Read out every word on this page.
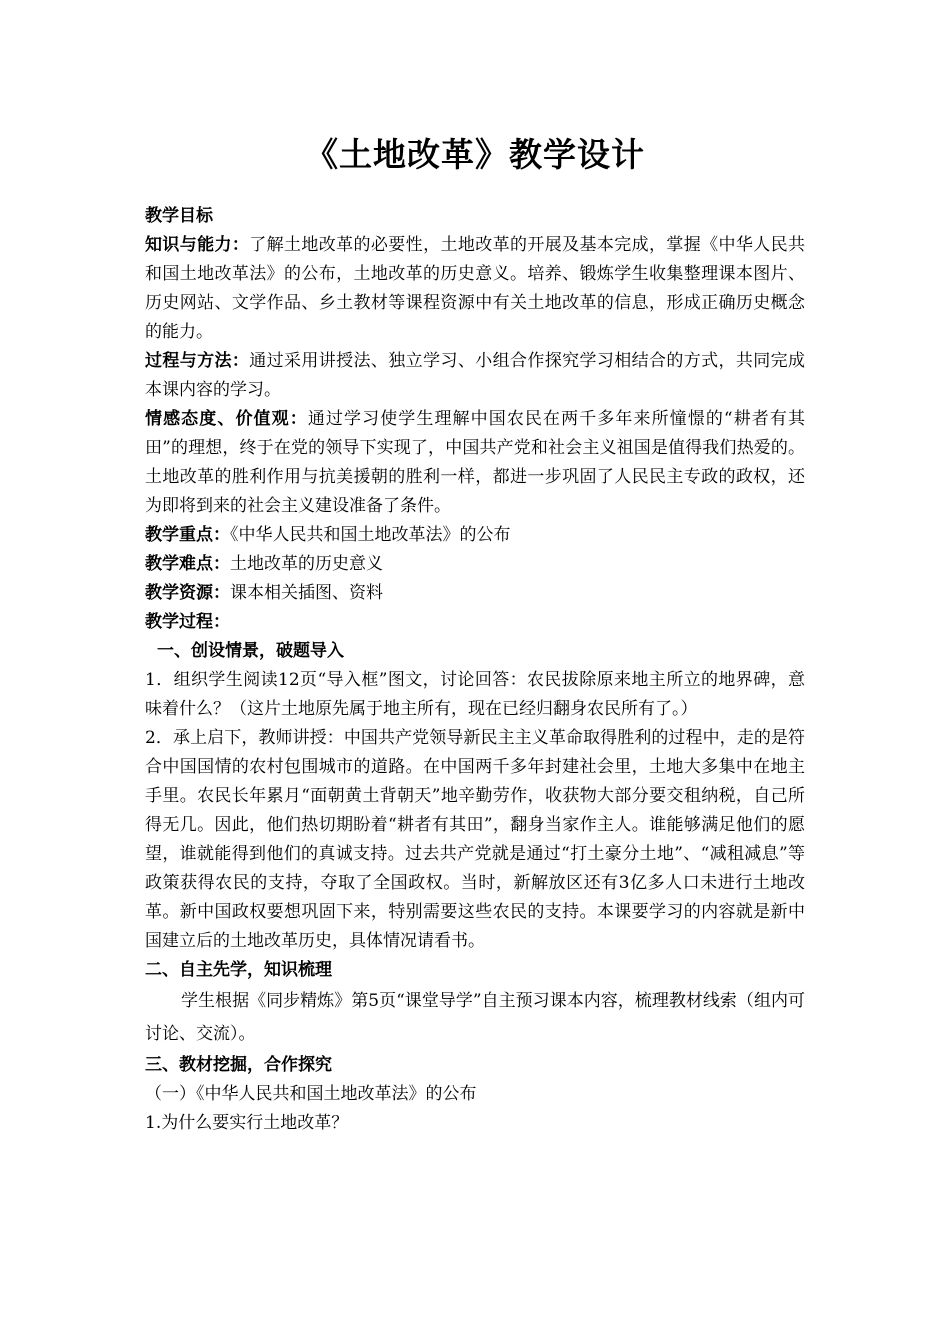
《土地改革》教学设计

教学目标

知识与能力：了解土地改革的必要性，土地改革的开展及基本完成，掌握《中华人民共和国土地改革法》的公布，土地改革的历史意义。培养、锻炼学生收集整理课本图片、历史网站、文学作品、乡土教材等课程资源中有关土地改革的信息，形成正确历史概念的能力。

过程与方法：通过采用讲授法、独立学习、小组合作探究学习相结合的方式，共同完成本课内容的学习。

情感态度、价值观：通过学习使学生理解中国农民在两千多年来所憧憬的“耕者有其田”的理想，终于在党的领导下实现了，中国共产党和社会主义祖国是值得我们热爱的。土地改革的胜利作用与抗美援朝的胜利一样，都进一步巩固了人民民主专政的政权，还为即将到来的社会主义建设准备了条件。

教学重点：《中华人民共和国土地改革法》的公布

教学难点：土地改革的历史意义

教学资源：课本相关插图、资料

教学过程：

一、创设情景，破题导入

1．组织学生阅读12页“导入框”图文，讨论回答：农民拔除原来地主所立的地界碑，意味着什么？（这片土地原先属于地主所有，现在已经归翻身农民所有了。）

2．承上启下，教师讲授：中国共产党领导新民主主义革命取得胜利的过程中，走的是符合中国国情的农村包围城市的道路。在中国两千多年封建社会里，土地大多集中在地主手里。农民长年累月“面朝黄土背朝天”地辛勤劳作，收获物大部分要交租纳税，自己所得无几。因此，他们热切期盼着“耕者有其田”，翻身当家作主人。谁能够满足他们的愿望，谁就能得到他们的真诚支持。过去共产党就是通过“打土豪分土地”、“减租减息”等政策获得农民的支持，夺取了全国政权。当时，新解放区还有3亿多人口未进行土地改革。新中国政权要想巩固下来，特别需要这些农民的支持。本课要学习的内容就是新中国建立后的土地改革历史，具体情况请看书。

二、自主先学，知识梳理

学生根据《同步精炼》第5页“课堂导学”自主预习课本内容，梳理教材线索（组内可讨论、交流）。

三、教材挖掘，合作探究

（一）《中华人民共和国土地改革法》的公布

1.为什么要实行土地改革？
